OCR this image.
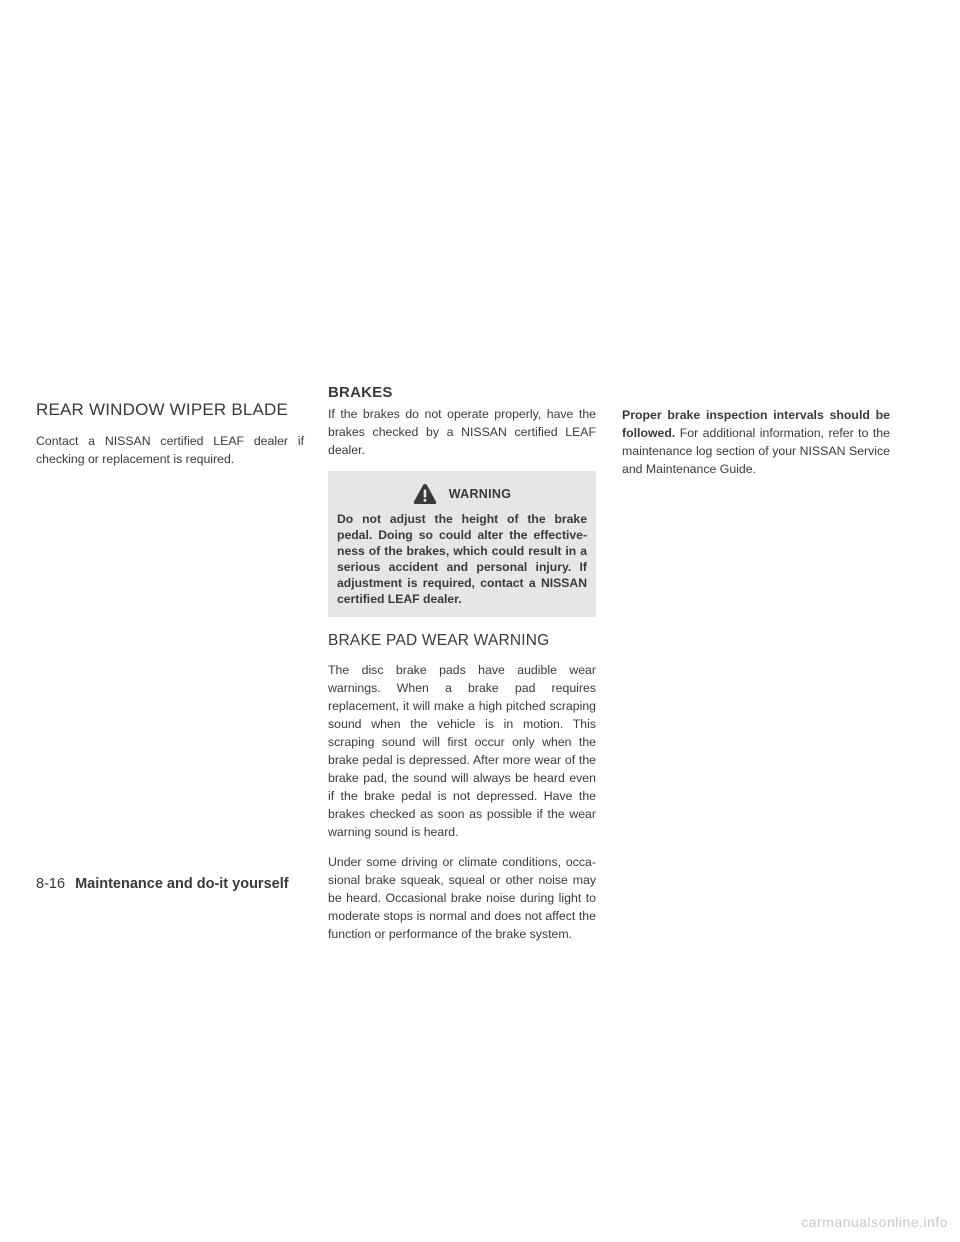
REAR WINDOW WIPER BLADE

Contact a NISSAN certified LEAF dealer if checking or replacement is required.

BRAKES

If the brakes do not operate properly, have the brakes checked by a NISSAN certified LEAF dealer.

WARNING
Do not adjust the height of the brake pedal. Doing so could alter the effective-ness of the brakes, which could result in a serious accident and personal injury. If adjustment is required, contact a NISSAN certified LEAF dealer.
BRAKE PAD WEAR WARNING

The disc brake pads have audible wear warnings. When a brake pad requires replacement, it will make a high pitched scraping sound when the vehicle is in motion. This scraping sound will first occur only when the brake pedal is depressed. After more wear of the brake pad, the sound will always be heard even if the brake pedal is not depressed. Have the brakes checked as soon as possible if the wear warning sound is heard.

Under some driving or climate conditions, occa-sional brake squeak, squeal or other noise may be heard. Occasional brake noise during light to moderate stops is normal and does not affect the function or performance of the brake system.

Proper brake inspection intervals should be followed. For additional information, refer to the maintenance log section of your NISSAN Service and Maintenance Guide.

8-16 Maintenance and do-it yourself
carmanualsonline.info
